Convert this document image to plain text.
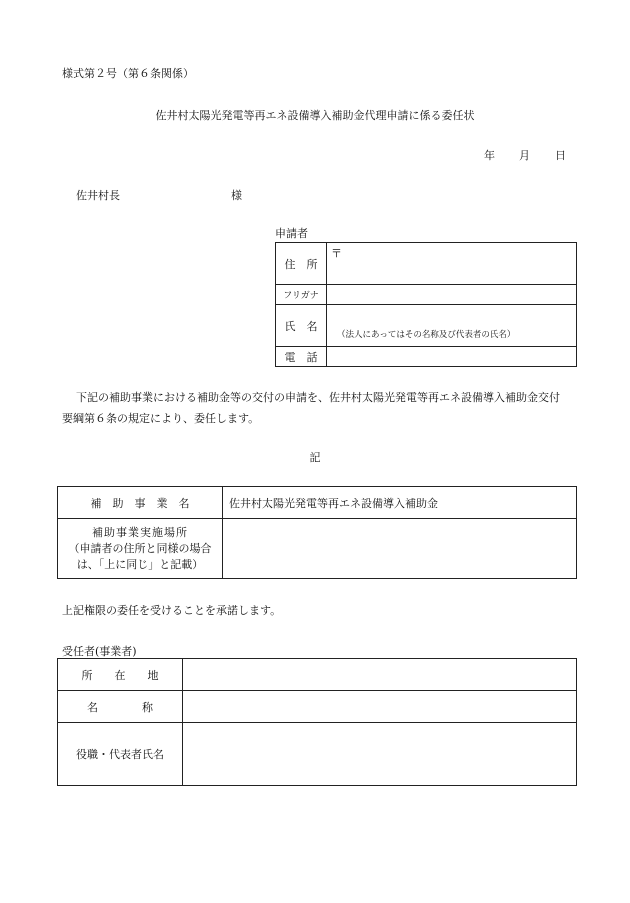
様式第２号（第６条関係）
佐井村太陽光発電等再エネ設備導入補助金代理申請に係る委任状
年 月 日
佐井村長	様
申請者
住　所	〒
フリガナ	
氏　名	（法人にあってはその名称及び代表者の氏名）
電　話	
下記の補助事業における補助金等の交付の申請を、佐井村太陽光発電等再エネ設備導入補助金交付
要綱第６条の規定により、委任します。
記
補　助　事　業　名	佐井村太陽光発電等再エネ設備導入補助金

補助事業実施場所
（申請者の住所と同様の場合
は、「上に同じ」と記載）	

上記権限の委任を受けることを承諾します。
受任者(事業者)
所　　在　　地	
名　　　　称	
役職・代表者氏名	
